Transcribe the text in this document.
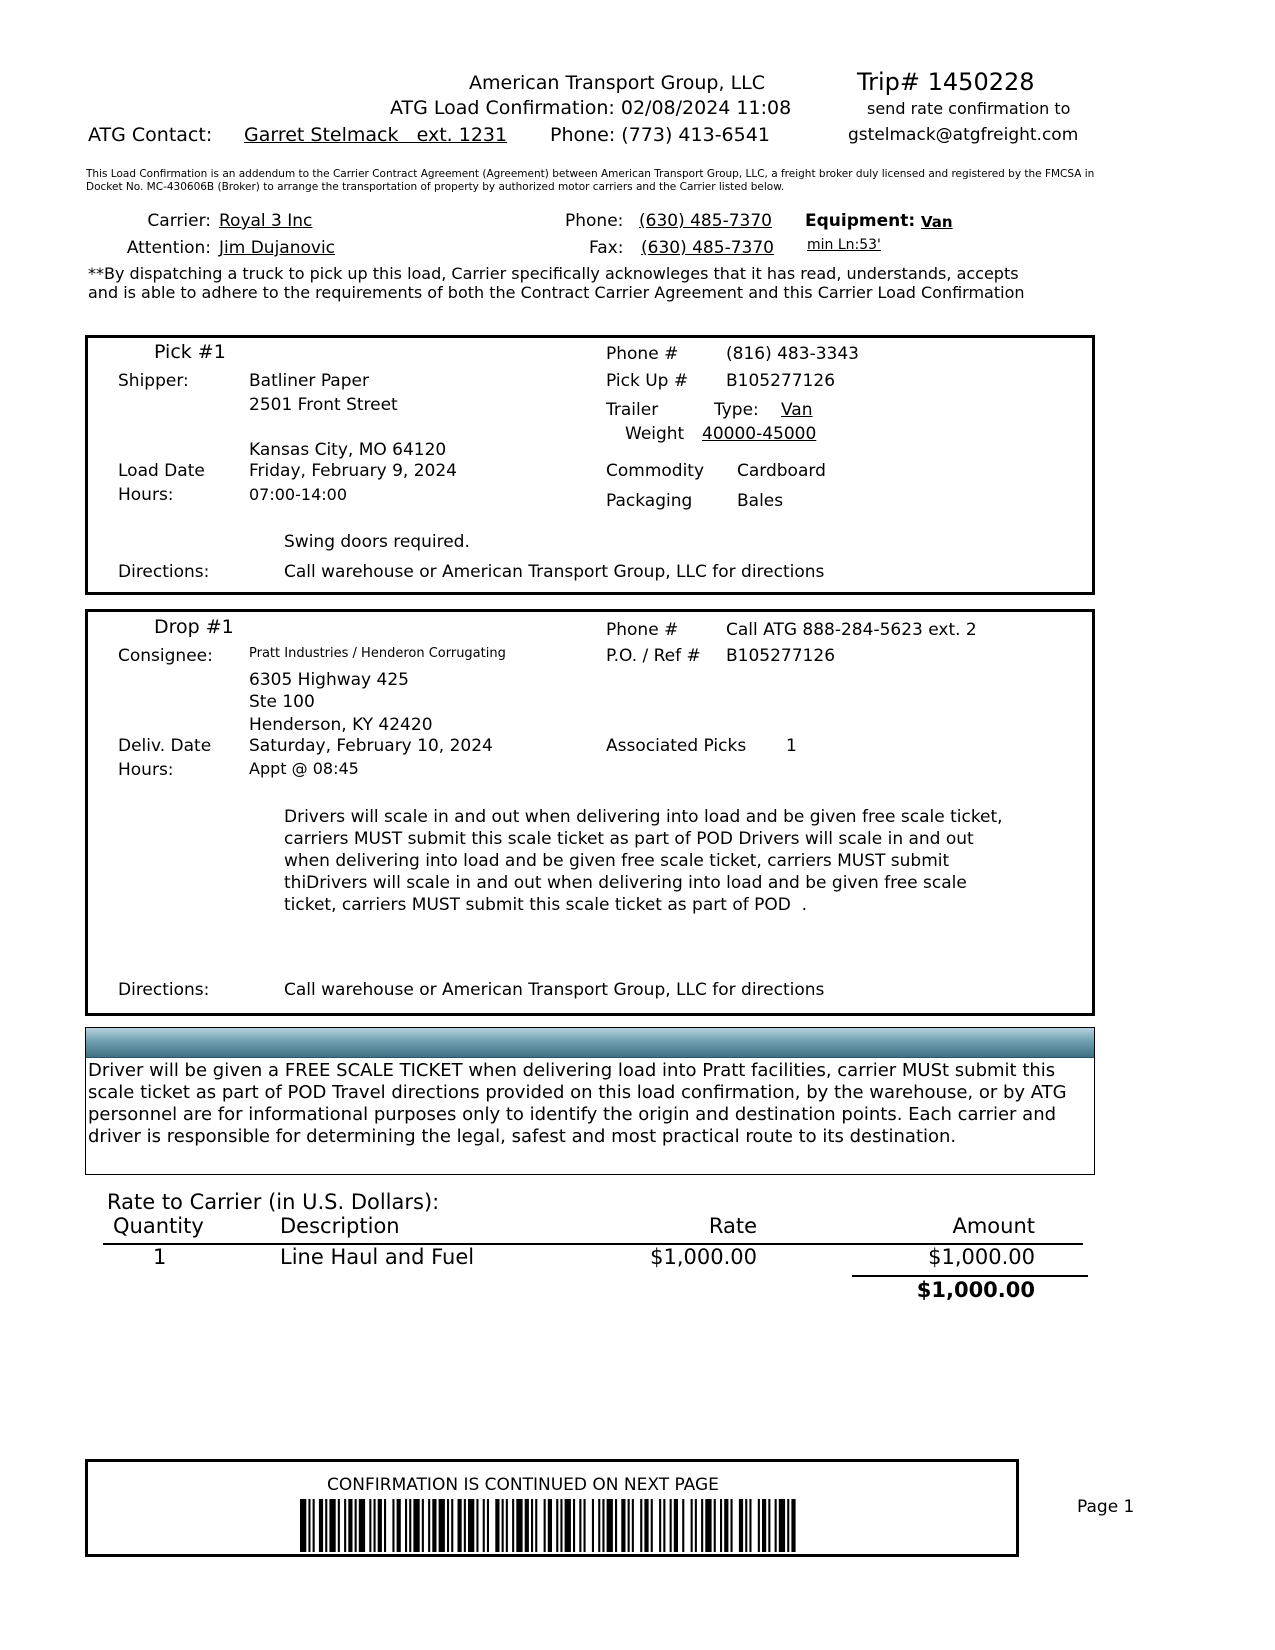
American Transport Group, LLC	Trip# 1450228
ATG Load Confirmation: 02/08/2024 11:08	send rate confirmation to
ATG Contact: Garret Stelmack   ext. 1231 Phone: (773) 413-6541	gstelmack@atgfreight.com
This Load Confirmation is an addendum to the Carrier Contract Agreement (Agreement) between American Transport Group, LLC, a freight broker duly licensed and registered by the FMCSA in Docket No. MC-430606B (Broker) to arrange the transportation of property by authorized motor carriers and the Carrier listed below.
Carrier: Royal 3 Inc
Attention: Jim Dujanovic
Phone: (630) 485-7370
Fax: (630) 485-7370
Equipment: Van
min Ln:53'
**By dispatching a truck to pick up this load, Carrier specifically acknowleges that it has read, understands, accepts
and is able to adhere to the requirements of both the Contract Carrier Agreement and this Carrier Load Confirmation
Pick #1
Shipper:	Batliner Paper
2501 Front Street
Kansas City, MO 64120
Load Date	Friday, February 9, 2024
Hours:	07:00-14:00
Phone #	(816) 483-3343
Pick Up # B105277126
Trailer	Type: Van
Weight 40000-45000
Commodity Cardboard
Packaging	Bales
Swing doors required.
Directions:	Call warehouse or American Transport Group, LLC for directions
Drop #1
Consignee:	Pratt Industries / Henderon Corrugating
6305 Highway 425
Ste 100
Henderson, KY 42420
Deliv. Date Saturday, February 10, 2024
Hours:	Appt @ 08:45
Phone #	Call ATG 888-284-5623 ext. 2
P.O. / Ref # B105277126
Associated Picks 1
Drivers will scale in and out when delivering into load and be given free scale ticket,
carriers MUST submit this scale ticket as part of POD Drivers will scale in and out
when delivering into load and be given free scale ticket, carriers MUST submit
thiDrivers will scale in and out when delivering into load and be given free scale
ticket, carriers MUST submit this scale ticket as part of POD  .
Directions:	Call warehouse or American Transport Group, LLC for directions
Driver will be given a FREE SCALE TICKET when delivering load into Pratt facilities, carrier MUSt submit this scale ticket as part of POD Travel directions provided on this load confirmation, by the warehouse, or by ATG personnel are for informational purposes only to identify the origin and destination points. Each carrier and driver is responsible for determining the legal, safest and most practical route to its destination.
Rate to Carrier (in U.S. Dollars):
Quantity	Description	Rate	Amount
1	Line Haul and Fuel	$1,000.00	$1,000.00
$1,000.00
CONFIRMATION IS CONTINUED ON NEXT PAGE
Page 1
